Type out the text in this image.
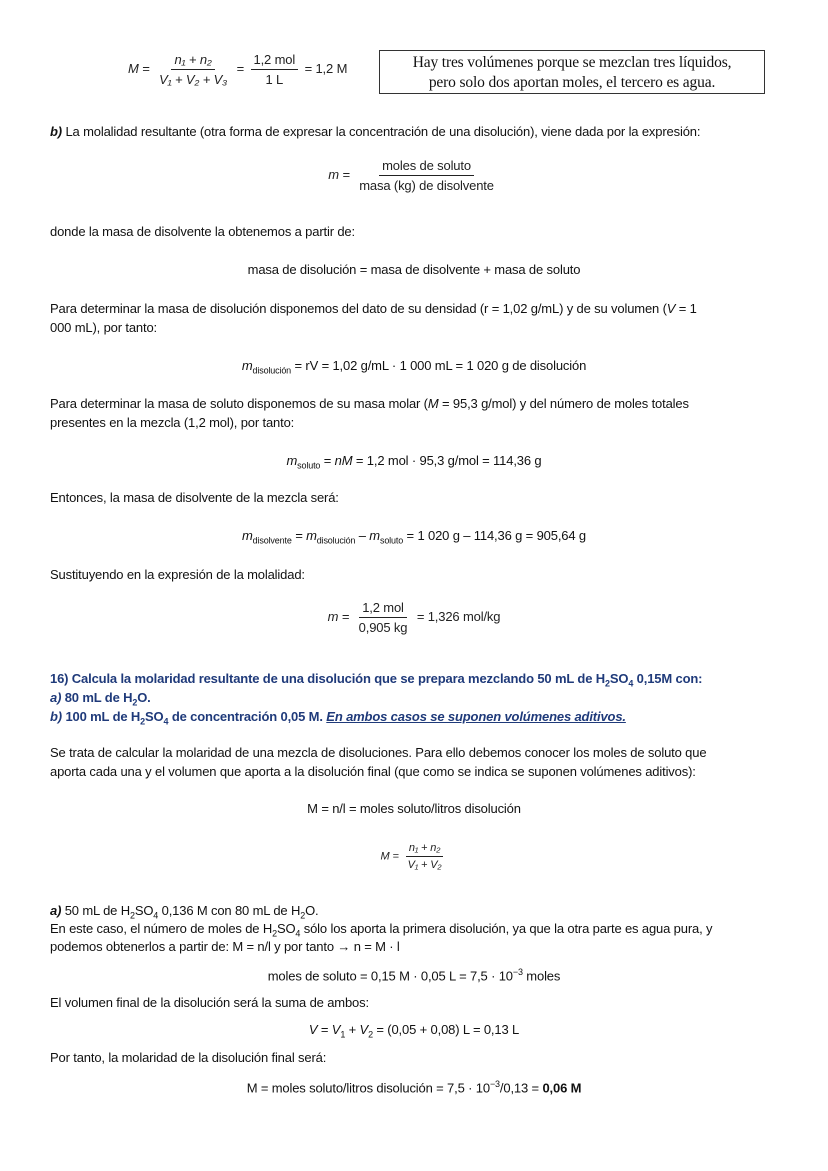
$M = \frac{\text{n₁ + n₂}}{\text{V₁ + V₂ + V₃}} = \frac{\text{1,2 mol}}{1 L} = 1,2$ M	Hay tres volúmenes porque se mezclan tres líquidos,
pero solo dos aportan moles, el tercero es agua.
b) La molalidad resultante (otra forma de expresar la concentración de una disolución), viene dada por la expresión:
$m = \frac{\text{moles de soluto}}{\text{masa (kg) de disolvente}}$
donde la masa de disolvente la obtenemos a partir de:
masa de disolución = masa de disolvente + masa de soluto
Para determinar la masa de disolución disponemos del dato de su densidad (r = 1,02 g/mL) y de su volumen (V = 1
000 mL), por tanto:
$m_{disolución}$ = rV = 1,02 g/mL · 1 000 mL = 1 020 g de disolución
Para determinar la masa de soluto disponemos de su masa molar (M = 95,3 g/mol) y del número de moles totales
presentes en la mezcla (1,2 mol), por tanto:
$m_{soluto}$ = nM = 1,2 mol · 95,3 g/mol = 114,36 g
Entonces, la masa de disolvente de la mezcla será:
$m_{disolvente} = m_{disolución} - m_{soluto} = 1$ 020 g – 114,36 g = 905,64 g
Sustituyendo en la expresión de la molalidad:
$m = \frac{\text{1,2 mol}}{0,905 kg} = 1,326$ mol/kg
16) Calcula la molaridad resultante de una disolución que se prepara mezclando 50 mL de $H_2SO_4$ 0,15M con:
a) 80 mL de $H_2O$.
b) 100 mL de $H_2SO_4$ de concentración 0,05 M. En ambos casos se suponen volúmenes aditivos.
Se trata de calcular la molaridad de una mezcla de disoluciones. Para ello debemos conocer los moles de soluto que
aporta cada una y el volumen que aporta a la disolución final (que como se indica se suponen volúmenes aditivos):
M = n/l = moles soluto/litros disolución
$M = \frac{\text{n₁ + n₂}}{\text{V₁ + V₂}}$
a) 50 mL de $H_2SO_4$ 0,136 M con 80 mL de $H_2O$.
En este caso, el número de moles de $H_2SO_4$ sólo los aporta la primera disolución, ya que la otra parte es agua pura, y
podemos obtenerlos a partir de: M = n/l y por tanto → n = M · l
moles de soluto = 0,15 M · 0,05 $L = 7,5 \cdot 10^{-3}$ moles
El volumen final de la disolución será la suma de ambos:
$V = V_1 + V_2 = (0,05 + 0,08) L = 0,13$ L
Por tanto, la molaridad de la disolución final será:
M = moles soluto/litros disolución = $7,5 \cdot 10^{-3}/0,13 = 0,06$ M
